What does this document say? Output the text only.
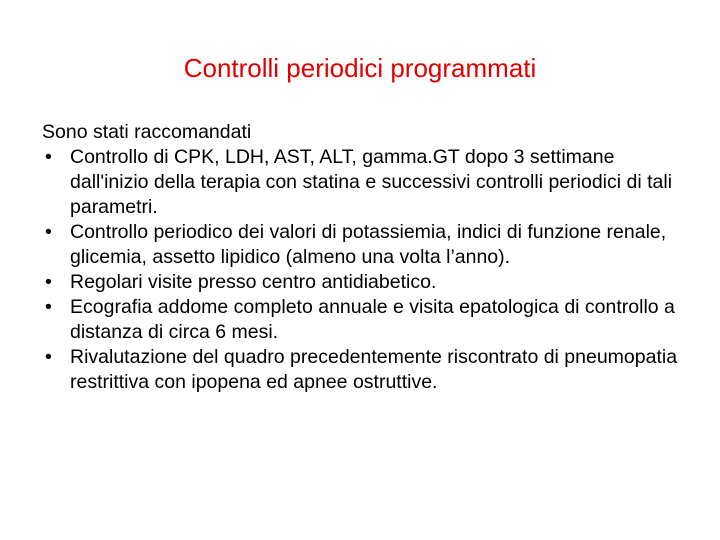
Controlli periodici programmati

Sono stati raccomandati

• Controllo di CPK, LDH, AST, ALT, gamma.GT dopo 3 settimane dall'inizio della terapia con statina e successivi controlli periodici di tali parametri.
• Controllo periodico dei valori di potassiemia, indici di funzione renale, glicemia, assetto lipidico (almeno una volta l’anno).
• Regolari visite presso centro antidiabetico.
• Ecografia addome completo annuale e visita epatologica di controllo a distanza di circa 6 mesi.
• Rivalutazione del quadro precedentemente riscontrato di pneumopatia restrittiva con ipopena ed apnee ostruttive.
